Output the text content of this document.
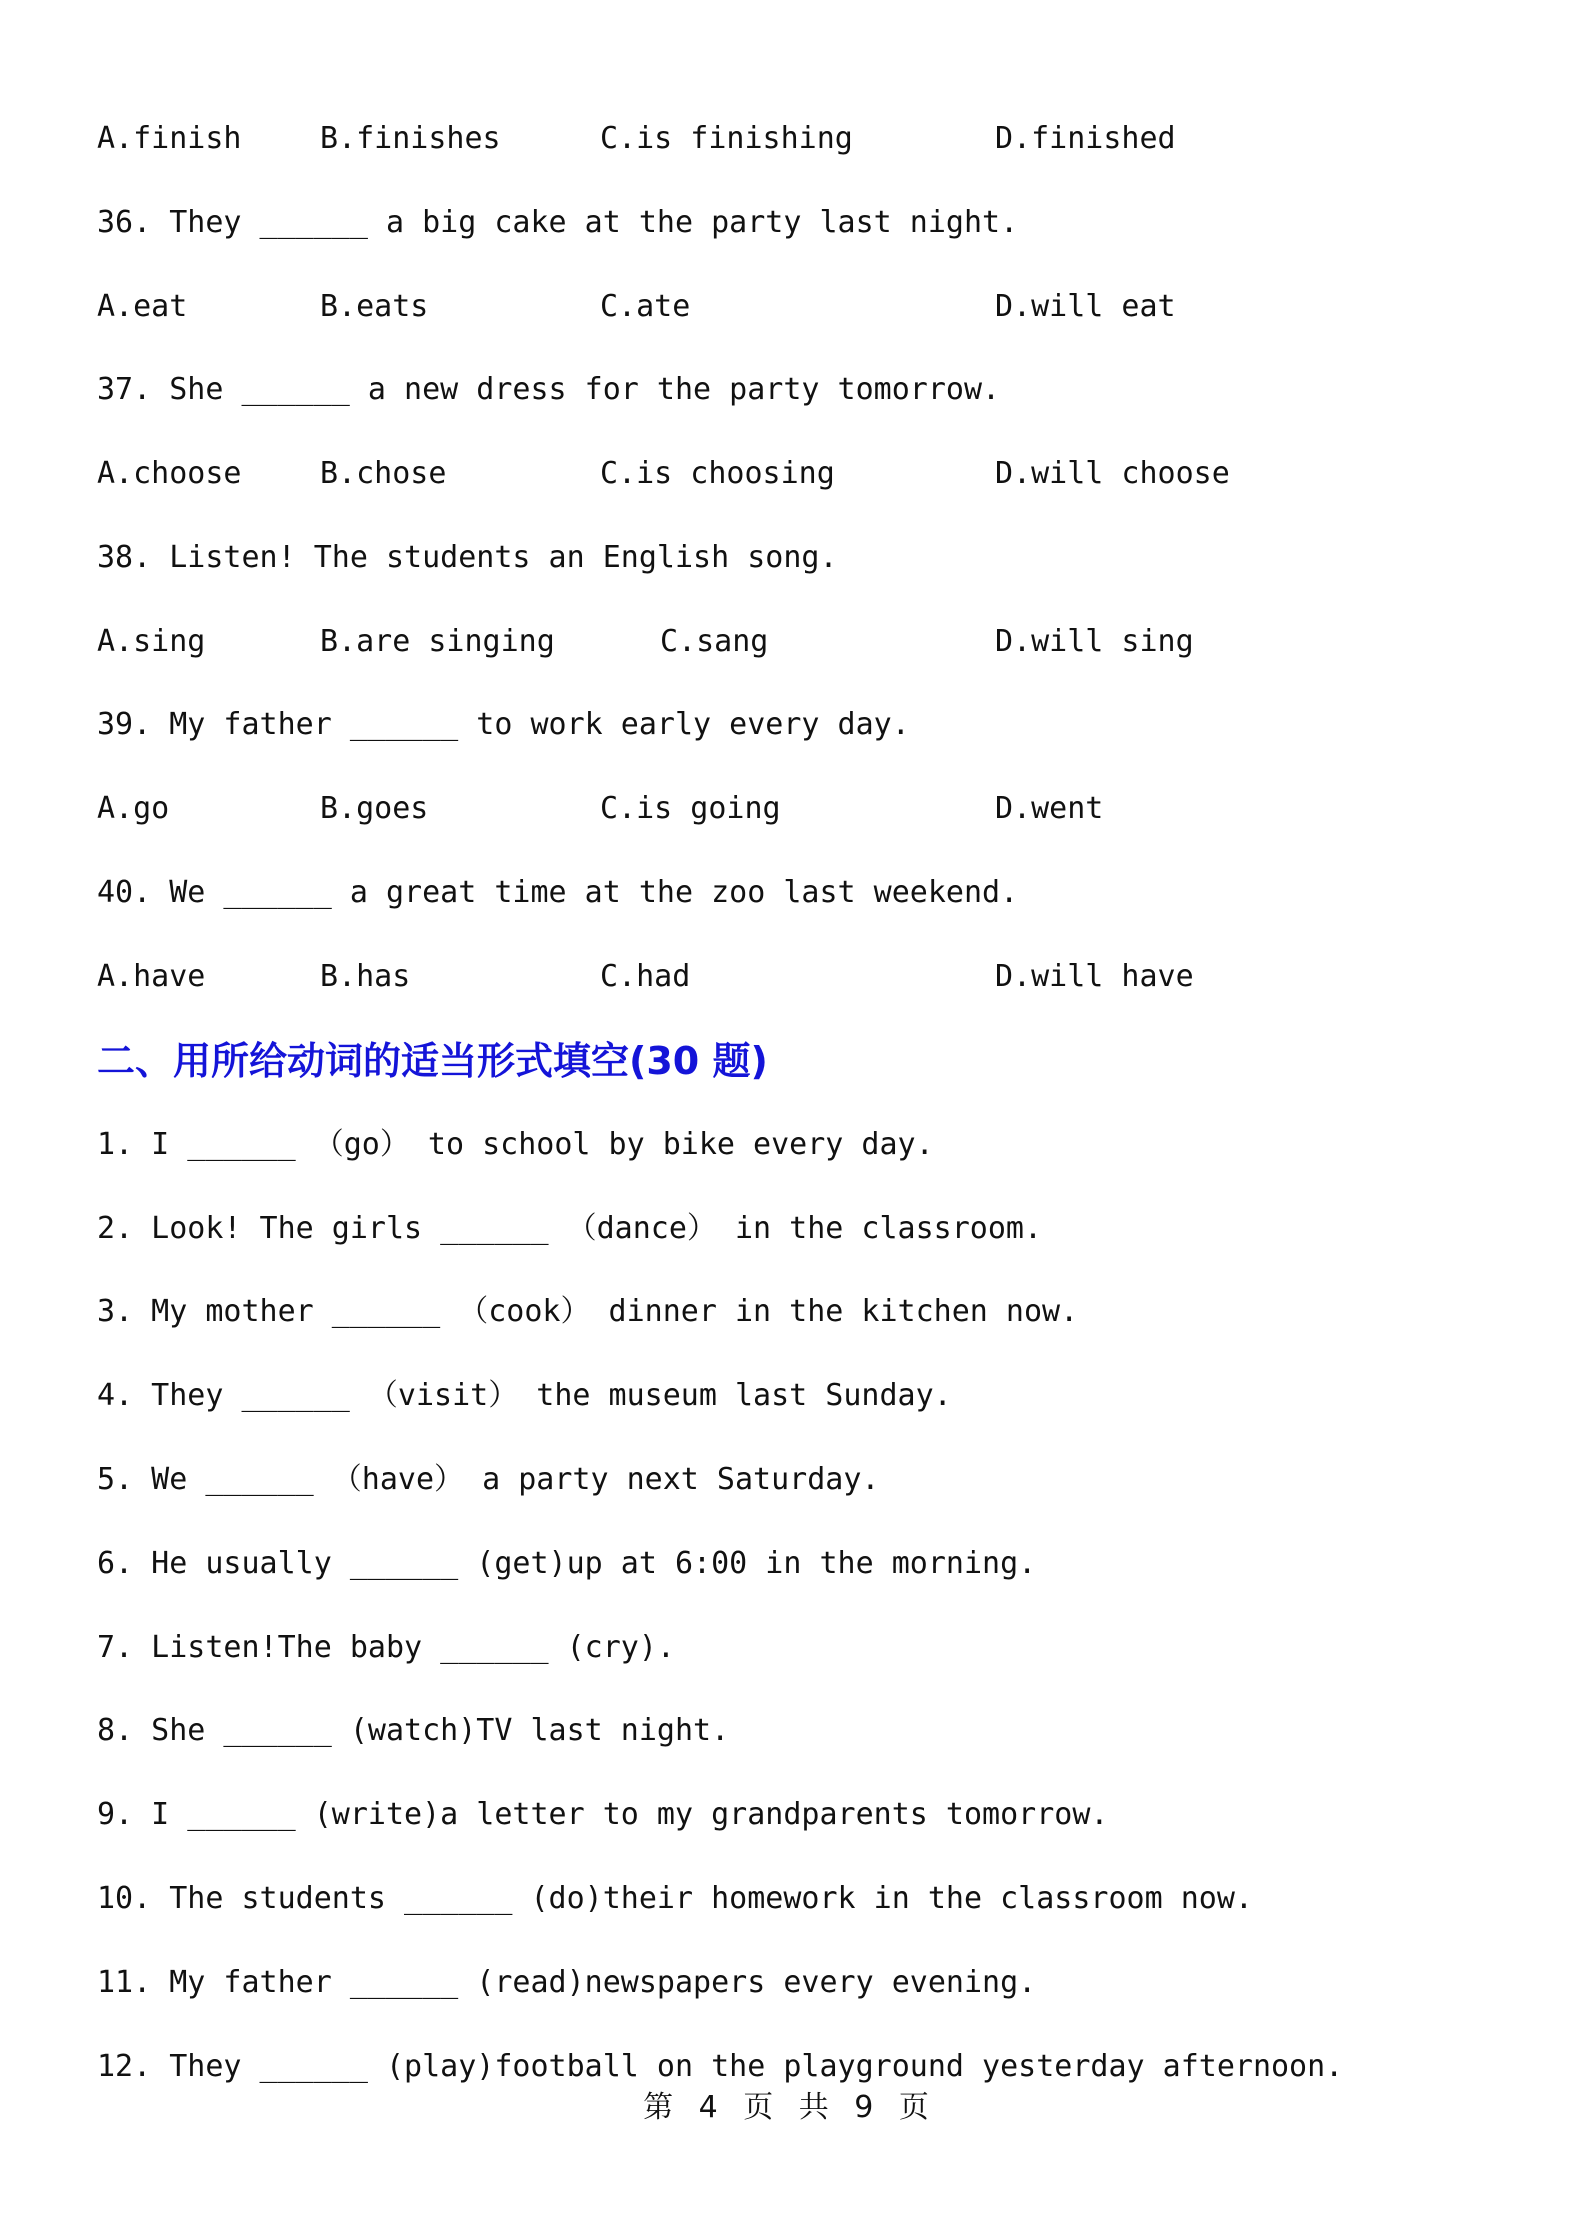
A.finish

	B.finishes

	C.is finishing

	D.finished

36. They ______ a big cake at the party last night.

A.eat

	B.eats

	C.ate

	D.will eat

37. She ______ a new dress for the party tomorrow.

A.choose

	B.chose

	C.is choosing

	D.will choose

38. Listen! The students an English song.

A.sing

	B.are singing

	C.sang

	D.will sing

39. My father ______ to work early every day.

A.go

	B.goes

	C.is going

	D.went

40. We ______ a great time at the zoo last weekend.

A.have

	B.has

	C.had

	D.will have

二、用所给动词的适当形式填空(30 题)
1. I ______ （go） to school by bike every day.
2. Look! The girls ______ （dance） in the classroom.
3. My mother ______ （cook） dinner in the kitchen now.
4. They ______ （visit） the museum last Sunday.
5. We ______ （have） a party next Saturday.
6. He usually ______ (get)up at 6:00 in the morning.
7. Listen!The baby ______ (cry).
8. She ______ (watch)TV last night.
9. I ______ (write)a letter to my grandparents tomorrow.
10. The students ______ (do)their homework in the classroom now.
11. My father ______ (read)newspapers every evening.
12. They ______ (play)football on the playground yesterday afternoon.
第 4 页 共 9 页
